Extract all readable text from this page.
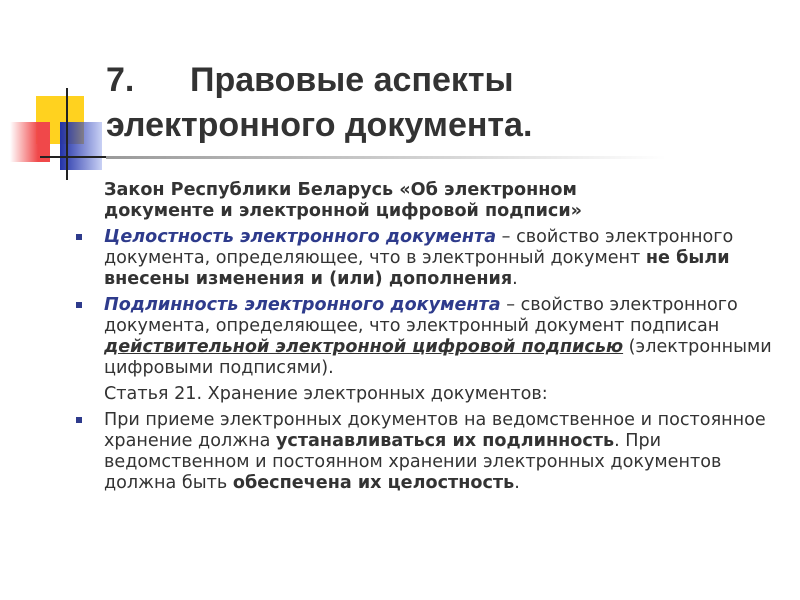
7. Правовые аспекты
электронного документа.
Закон Республики Беларусь «Об электронном
документе и электронной цифровой подписи»
Целостность электронного документа – свойство электронного документа, определяющее, что в электронный документ не были внесены изменения и (или) дополнения.
Подлинность электронного документа – свойство электронного документа, определяющее, что электронный документ подписан действительной электронной цифровой подписью (электронными цифровыми подписями).
Статья 21. Хранение электронных документов:
При приеме электронных документов на ведомственное и постоянное хранение должна устанавливаться их подлинность. При ведомственном и постоянном хранении электронных документов должна быть обеспечена их целостность.
